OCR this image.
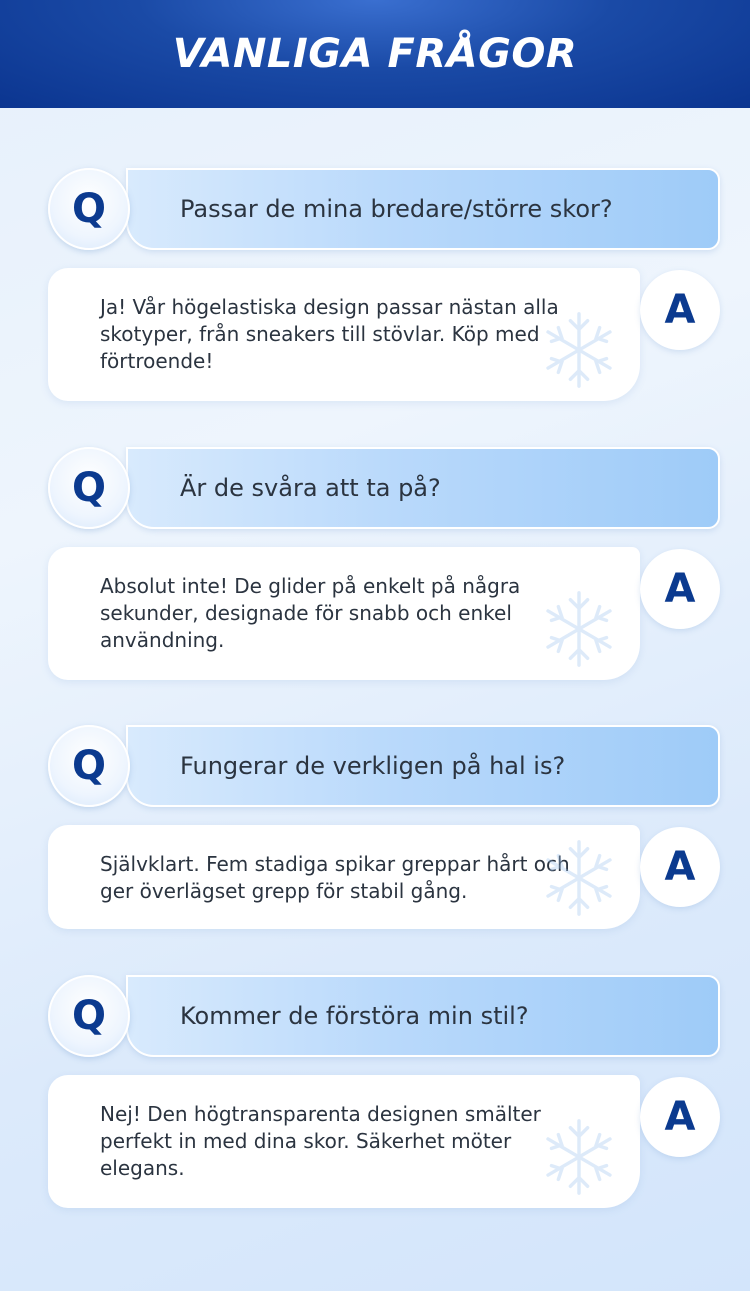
VANLIGA FRÅGOR
Q	Passar de mina bredare/större skor?
Ja! Vår högelastiska design passar nästan alla skotyper, från sneakers till stövlar. Köp med förtroende!
A
Q	Är de svåra att ta på?
Absolut inte! De glider på enkelt på några sekunder, designade för snabb och enkel användning.
A
Q	Fungerar de verkligen på hal is?
Självklart. Fem stadiga spikar greppar hårt och ger överlägset grepp för stabil gång.
A
Q	Kommer de förstöra min stil?
Nej! Den högtransparenta designen smälter perfekt in med dina skor. Säkerhet möter elegans.
A
